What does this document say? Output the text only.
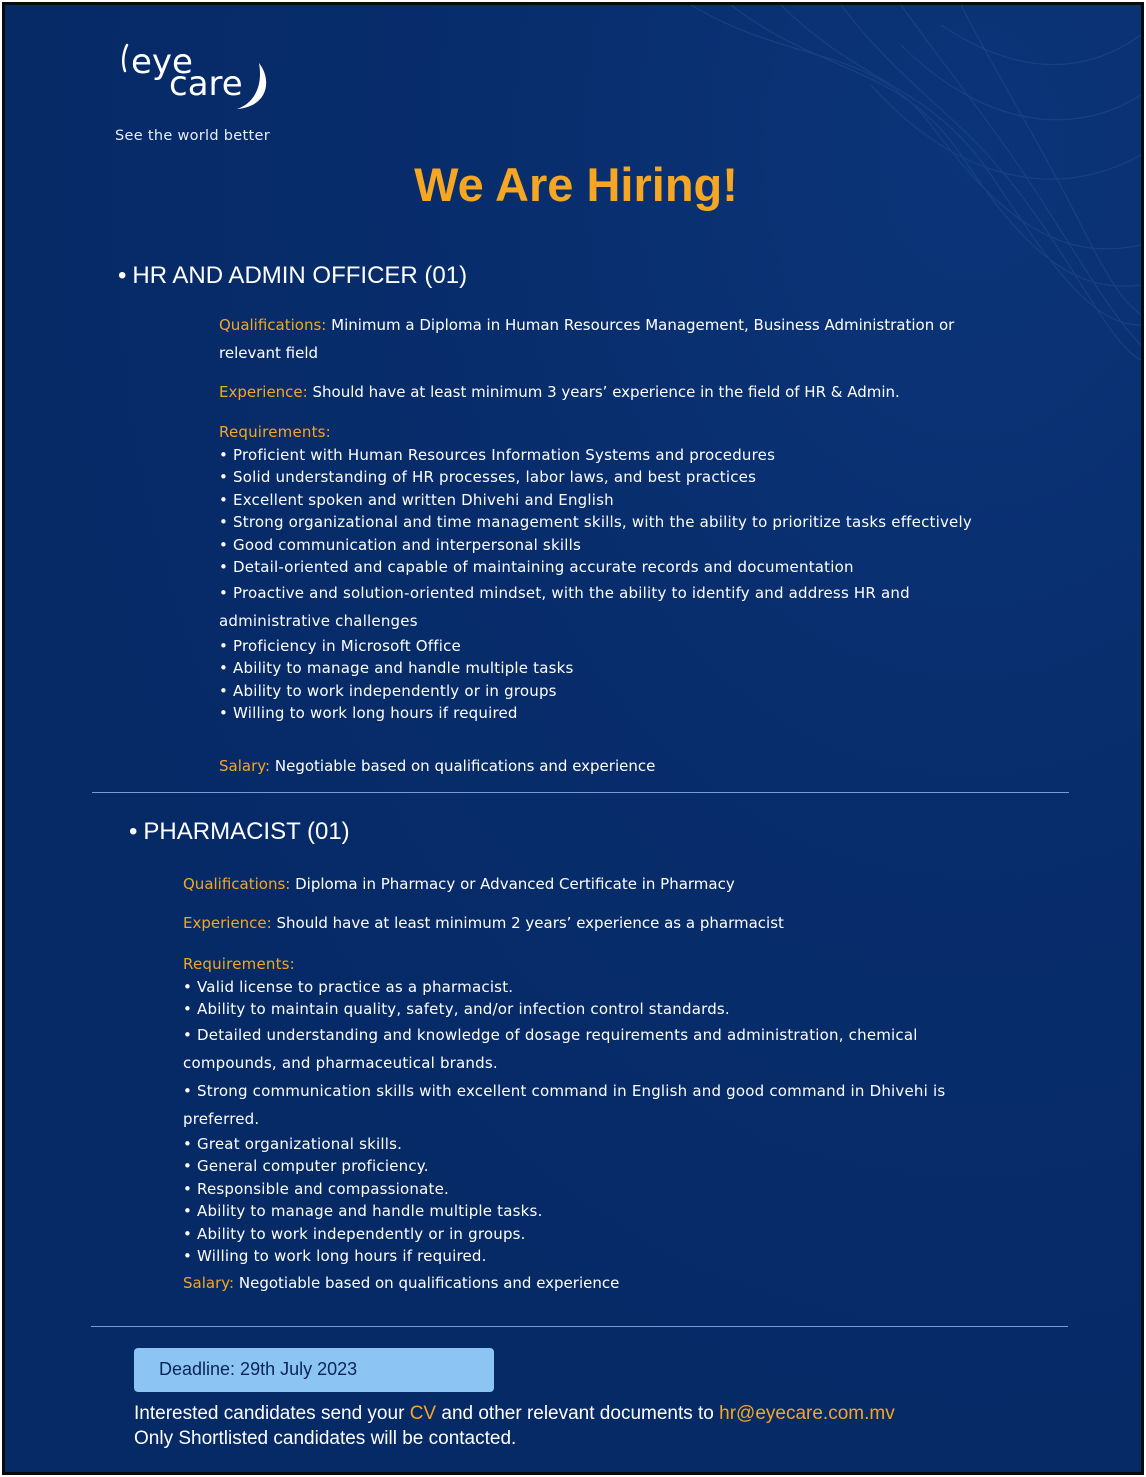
eye
care
See the world better
We Are Hiring!
• HR AND ADMIN OFFICER (01)
Qualifications: Minimum a Diploma in Human Resources Management, Business Administration or relevant field
Experience: Should have at least minimum 3 years’ experience in the field of HR & Admin.
Requirements:
• Proficient with Human Resources Information Systems and procedures
• Solid understanding of HR processes, labor laws, and best practices
• Excellent spoken and written Dhivehi and English
• Strong organizational and time management skills, with the ability to prioritize tasks effectively
• Good communication and interpersonal skills
• Detail-oriented and capable of maintaining accurate records and documentation
• Proactive and solution-oriented mindset, with the ability to identify and address HR and administrative challenges
• Proficiency in Microsoft Office
• Ability to manage and handle multiple tasks
• Ability to work independently or in groups
• Willing to work long hours if required
Salary: Negotiable based on qualifications and experience
• PHARMACIST (01)
Qualifications: Diploma in Pharmacy or Advanced Certificate in Pharmacy
Experience: Should have at least minimum 2 years’ experience as a pharmacist
Requirements:
• Valid license to practice as a pharmacist.
• Ability to maintain quality, safety, and/or infection control standards.
• Detailed understanding and knowledge of dosage requirements and administration, chemical compounds, and pharmaceutical brands.
• Strong communication skills with excellent command in English and good command in Dhivehi is preferred.
• Great organizational skills.
• General computer proficiency.
• Responsible and compassionate.
• Ability to manage and handle multiple tasks.
• Ability to work independently or in groups.
• Willing to work long hours if required.
Salary: Negotiable based on qualifications and experience
Deadline: 29th July 2023
Interested candidates send your CV and other relevant documents to hr@eyecare.com.mv
Only Shortlisted candidates will be contacted.
